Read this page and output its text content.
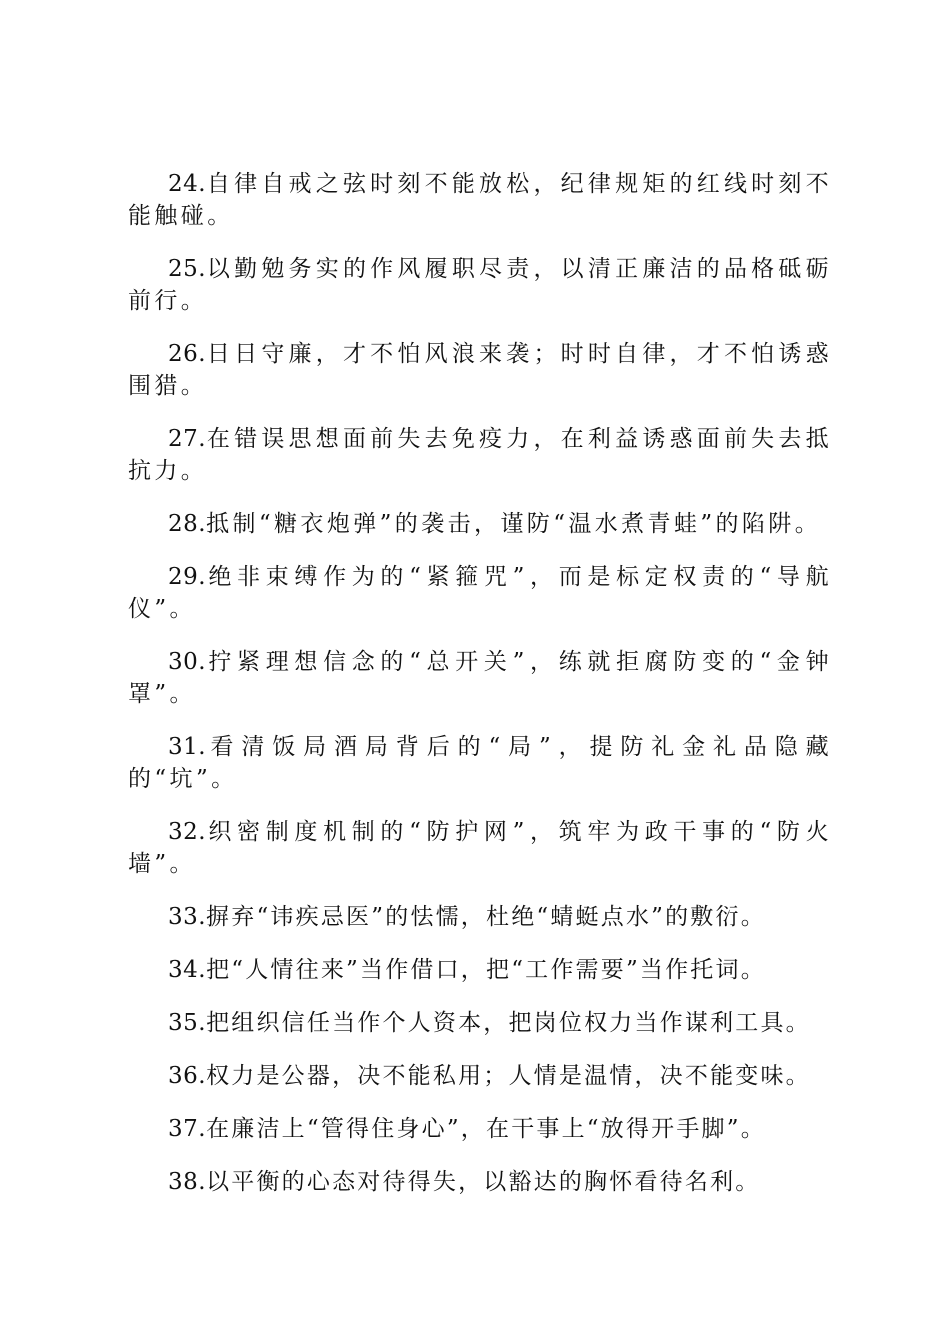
24.自律自戒之弦时刻不能放松，纪律规矩的红线时刻不能触碰。

25.以勤勉务实的作风履职尽责，以清正廉洁的品格砥砺前行。

26.日日守廉，才不怕风浪来袭；时时自律，才不怕诱惑围猎。

27.在错误思想面前失去免疫力，在利益诱惑面前失去抵抗力。

28.抵制“糖衣炮弹”的袭击，谨防“温水煮青蛙”的陷阱。

29.绝非束缚作为的“紧箍咒”，而是标定权责的“导航仪”。

30.拧紧理想信念的“总开关”，练就拒腐防变的“金钟罩”。

31.看清饭局酒局背后的“局”，提防礼金礼品隐藏的“坑”。

32.织密制度机制的“防护网”，筑牢为政干事的“防火墙”。

33.摒弃“讳疾忌医”的怯懦，杜绝“蜻蜓点水”的敷衍。

34.把“人情往来”当作借口，把“工作需要”当作托词。

35.把组织信任当作个人资本，把岗位权力当作谋利工具。

36.权力是公器，决不能私用；人情是温情，决不能变味。

37.在廉洁上“管得住身心”，在干事上“放得开手脚”。

38.以平衡的心态对待得失，以豁达的胸怀看待名利。
